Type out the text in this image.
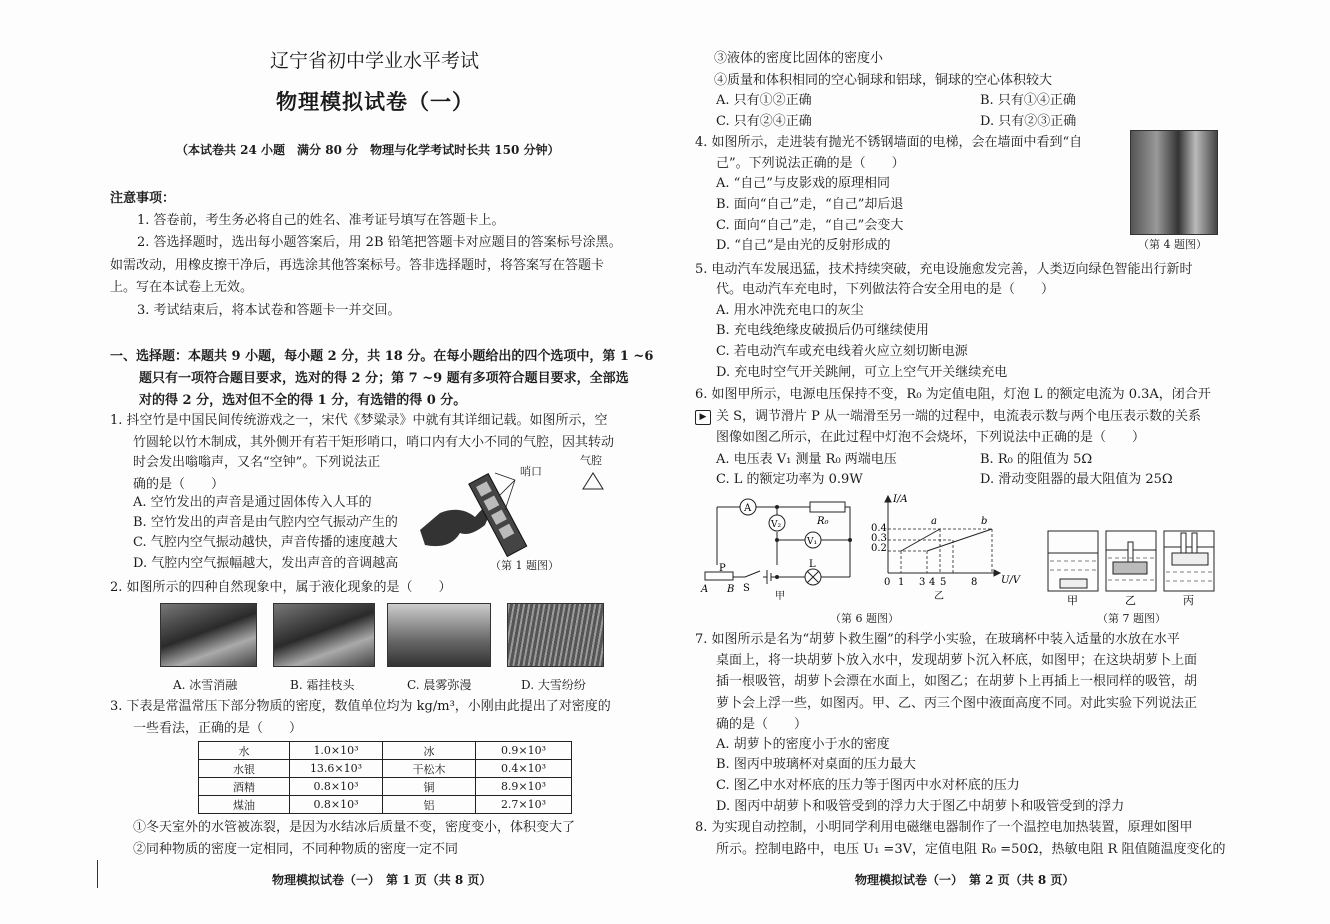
辽宁省初中学业水平考试
物理模拟试卷（一）
（本试卷共 24 小题　满分 80 分　物理与化学考试时长共 150 分钟）
注意事项：
1. 答卷前，考生务必将自己的姓名、准考证号填写在答题卡上。
2. 答选择题时，选出每小题答案后，用 2B 铅笔把答题卡对应题目的答案标号涂黑。
如需改动，用橡皮擦干净后，再选涂其他答案标号。答非选择题时，将答案写在答题卡
上。写在本试卷上无效。
3. 考试结束后，将本试卷和答题卡一并交回。
一、选择题：本题共 9 小题，每小题 2 分，共 18 分。在每小题给出的四个选项中，第 1 ~6
题只有一项符合题目要求，选对的得 2 分；第 7 ~9 题有多项符合题目要求，全部选
对的得 2 分，选对但不全的得 1 分，有选错的得 0 分。
1. 抖空竹是中国民间传统游戏之一，宋代《梦粱录》中就有其详细记载。如图所示，空
竹圆轮以竹木制成，其外侧开有若干矩形哨口，哨口内有大小不同的气腔，因其转动
时会发出嗡嗡声，又名“空钟”。下列说法正
确的是（　　）
A. 空竹发出的声音是通过固体传入人耳的
B. 空竹发出的声音是由气腔内空气振动产生的
C. 气腔内空气振动越快，声音传播的速度越大
D. 气腔内空气振幅越大，发出声音的音调越高
哨口
气腔
（第 1 题图）
2. 如图所示的四种自然现象中，属于液化现象的是（　　）
A. 冰雪消融	B. 霜挂枝头	C. 晨雾弥漫	D. 大雪纷纷
3. 下表是常温常压下部分物质的密度，数值单位均为 kg/m³，小刚由此提出了对密度的
一些看法，正确的是（　　）
水	1.0×10³	冰	0.9×10³
水银	13.6×10³	干松木	0.4×10³
酒精	0.8×10³	铜	8.9×10³
煤油	0.8×10³	铝	2.7×10³
①冬天室外的水管被冻裂，是因为水结冰后质量不变，密度变小，体积变大了
②同种物质的密度一定相同，不同种物质的密度一定不同
物理模拟试卷（一）　第 1 页（共 8 页）
③液体的密度比固体的密度小
④质量和体积相同的空心铜球和铝球，铜球的空心体积较大
A. 只有①②正确	B. 只有①④正确
C. 只有②④正确	D. 只有②③正确
4. 如图所示，走进装有抛光不锈钢墙面的电梯，会在墙面中看到“自
己”。下列说法正确的是（　　）
A. “自己”与皮影戏的原理相同
B. 面向“自己”走，“自己”却后退
C. 面向“自己”走，“自己”会变大
D. “自己”是由光的反射形成的	（第 4 题图）
5. 电动汽车发展迅猛，技术持续突破，充电设施愈发完善，人类迈向绿色智能出行新时
代。电动汽车充电时，下列做法符合安全用电的是（　　）
A. 用水冲洗充电口的灰尘
B. 充电线绝缘皮破损后仍可继续使用
C. 若电动汽车或充电线着火应立刻切断电源
D. 充电时空气开关跳闸，可立上空气开关继续充电
6. 如图甲所示，电源电压保持不变，R₀ 为定值电阻，灯泡 L 的额定电流为 0.3A，闭合开
▶ 关 S，调节滑片 P 从一端滑至另一端的过程中，电流表示数与两个电压表示数的关系
图像如图乙所示，在此过程中灯泡不会烧坏，下列说法中正确的是（　　）
A. 电压表 V₁ 测量 R₀ 两端电压	B. R₀ 的阻值为 5Ω
C. L 的额定功率为 0.9W	D. 滑动变阻器的最大阻值为 25Ω
A
V₂
V₁
R₀
L
P
A B S
甲
I/A
U/V
0.4
0.3
0.2
0 1 3 4 5 8
a	b
乙
（第 6 题图）
甲	乙	丙
（第 7 题图）
7. 如图所示是名为“胡萝卜救生圈”的科学小实验，在玻璃杯中装入适量的水放在水平
桌面上，将一块胡萝卜放入水中，发现胡萝卜沉入杯底，如图甲；在这块胡萝卜上面
插一根吸管，胡萝卜会漂在水面上，如图乙；在胡萝卜上再插上一根同样的吸管，胡
萝卜会上浮一些，如图丙。甲、乙、丙三个图中液面高度不同。对此实验下列说法正
确的是（　　）
A. 胡萝卜的密度小于水的密度
B. 图丙中玻璃杯对桌面的压力最大
C. 图乙中水对杯底的压力等于图丙中水对杯底的压力
D. 图丙中胡萝卜和吸管受到的浮力大于图乙中胡萝卜和吸管受到的浮力
8. 为实现自动控制，小明同学利用电磁继电器制作了一个温控电加热装置，原理如图甲
所示。控制电路中，电压 U₁ =3V，定值电阻 R₀ =50Ω，热敏电阻 R 阻值随温度变化的
物理模拟试卷（一）　第 2 页（共 8 页）
